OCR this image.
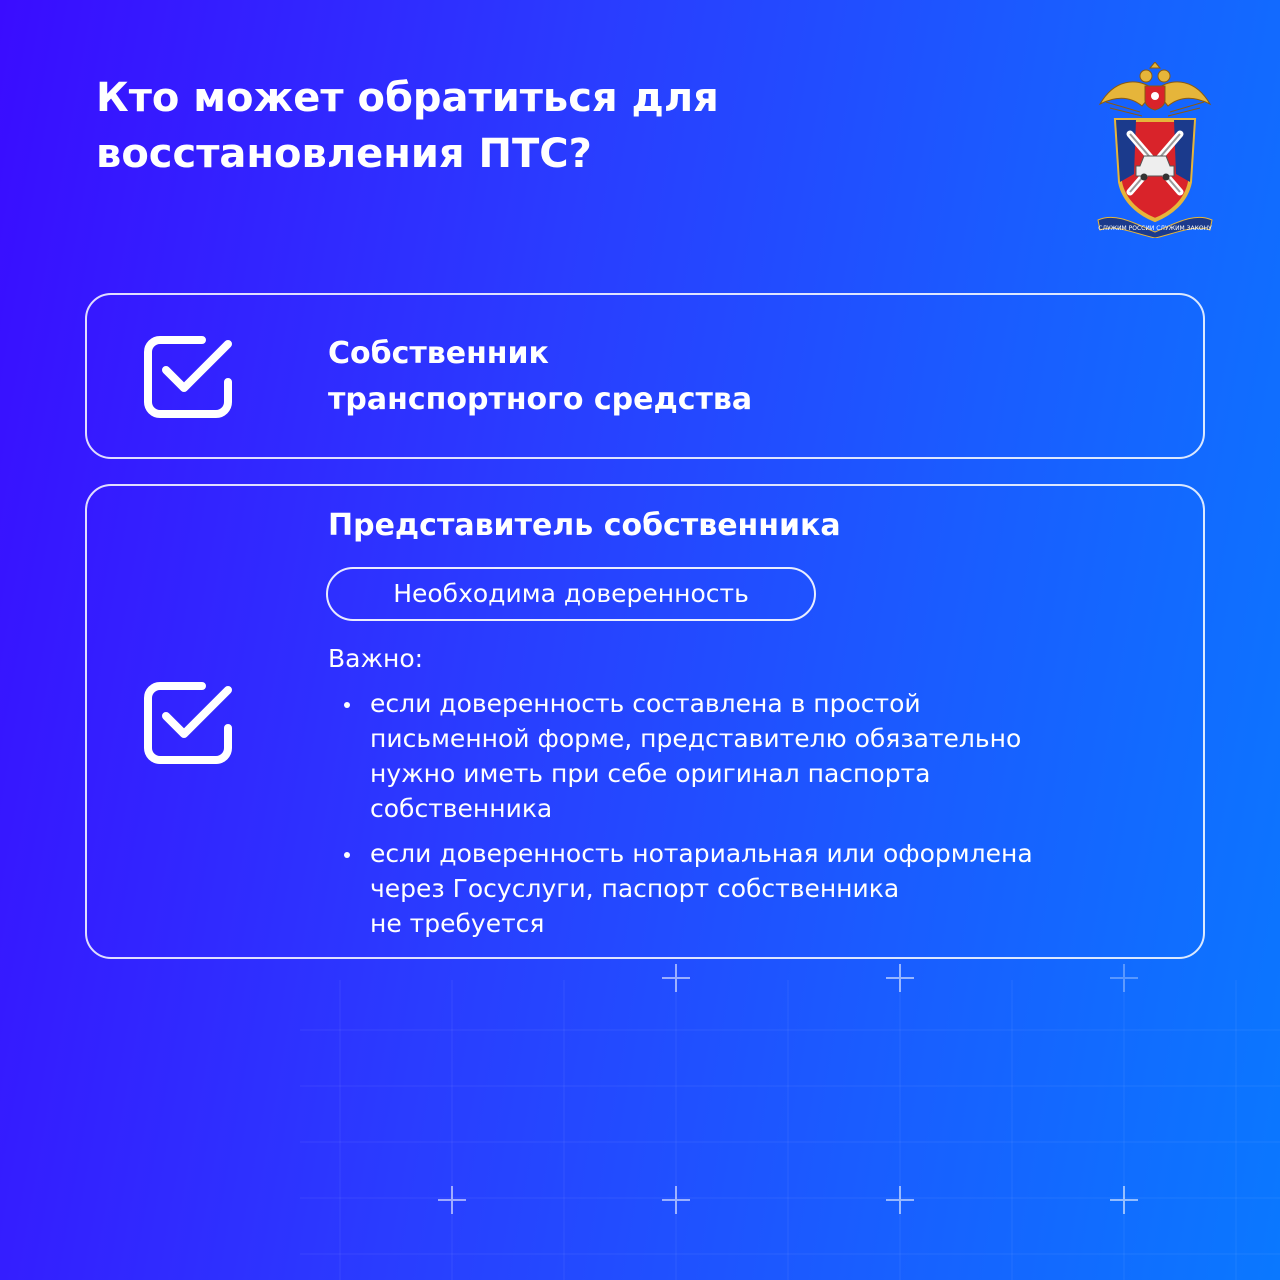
Кто может обратиться для
восстановления ПТС?
СЛУЖИМ РОССИИ СЛУЖИМ ЗАКОНУ
Собственник
транспортного средства
Представитель собственника
Необходима доверенность
Важно:
если доверенность составлена в простой
письменной форме, представителю обязательно
нужно иметь при себе оригинал паспорта
собственника
если доверенность нотариальная или оформлена
через Госуслуги, паспорт собственника
не требуется
